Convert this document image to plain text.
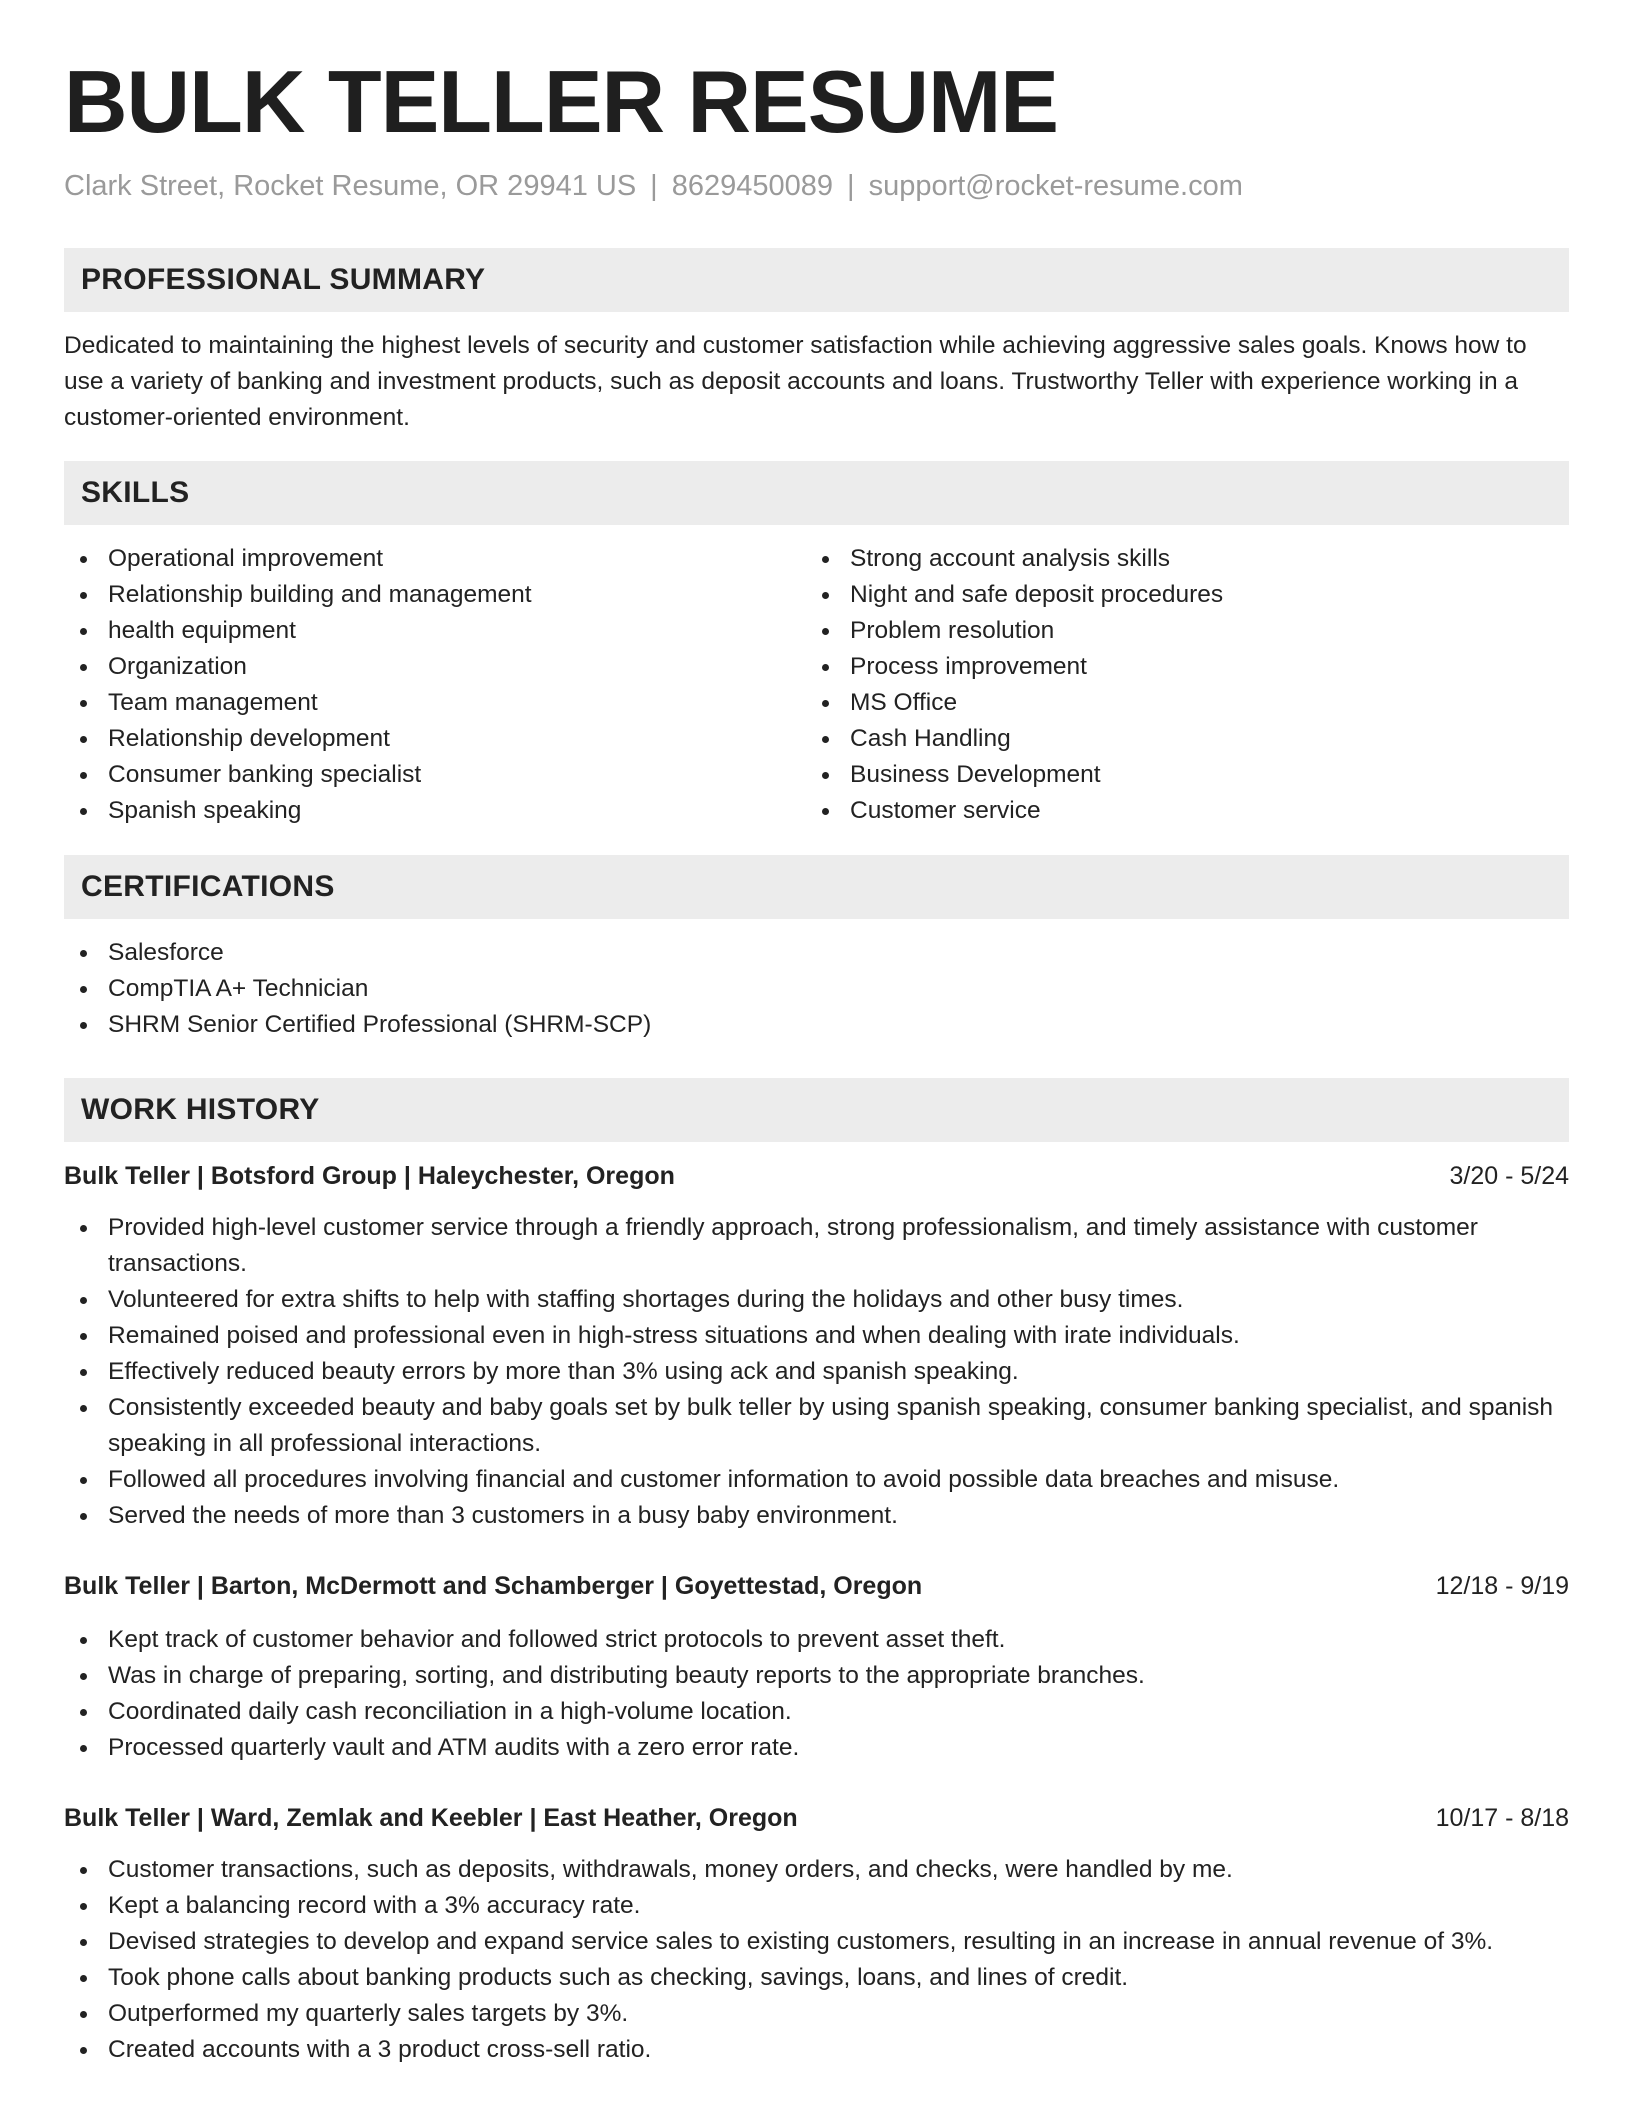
BULK TELLER RESUME
Clark Street, Rocket Resume, OR 29941 US | 8629450089 | support@rocket-resume.com
PROFESSIONAL SUMMARY

Dedicated to maintaining the highest levels of security and customer satisfaction while achieving aggressive sales goals. Knows how to use a variety of banking and investment products, such as deposit accounts and loans. Trustworthy Teller with experience working in a customer-oriented environment.

SKILLS
Operational improvement
Relationship building and management
health equipment
Organization
Team management
Relationship development
Consumer banking specialist
Spanish speaking
Strong account analysis skills
Night and safe deposit procedures
Problem resolution
Process improvement
MS Office
Cash Handling
Business Development
Customer service
CERTIFICATIONS
Salesforce
CompTIA A+ Technician
SHRM Senior Certified Professional (SHRM-SCP)
WORK HISTORY
Bulk Teller | Botsford Group | Haleychester, Oregon	3/20 - 5/24
Provided high-level customer service through a friendly approach, strong professionalism, and timely assistance with customer transactions.
Volunteered for extra shifts to help with staffing shortages during the holidays and other busy times.
Remained poised and professional even in high-stress situations and when dealing with irate individuals.
Effectively reduced beauty errors by more than 3% using ack and spanish speaking.
Consistently exceeded beauty and baby goals set by bulk teller by using spanish speaking, consumer banking specialist, and spanish speaking in all professional interactions.
Followed all procedures involving financial and customer information to avoid possible data breaches and misuse.
Served the needs of more than 3 customers in a busy baby environment.
Bulk Teller | Barton, McDermott and Schamberger | Goyettestad, Oregon	12/18 - 9/19
Kept track of customer behavior and followed strict protocols to prevent asset theft.
Was in charge of preparing, sorting, and distributing beauty reports to the appropriate branches.
Coordinated daily cash reconciliation in a high-volume location.
Processed quarterly vault and ATM audits with a zero error rate.
Bulk Teller | Ward, Zemlak and Keebler | East Heather, Oregon	10/17 - 8/18
Customer transactions, such as deposits, withdrawals, money orders, and checks, were handled by me.
Kept a balancing record with a 3% accuracy rate.
Devised strategies to develop and expand service sales to existing customers, resulting in an increase in annual revenue of 3%.
Took phone calls about banking products such as checking, savings, loans, and lines of credit.
Outperformed my quarterly sales targets by 3%.
Created accounts with a 3 product cross-sell ratio.
